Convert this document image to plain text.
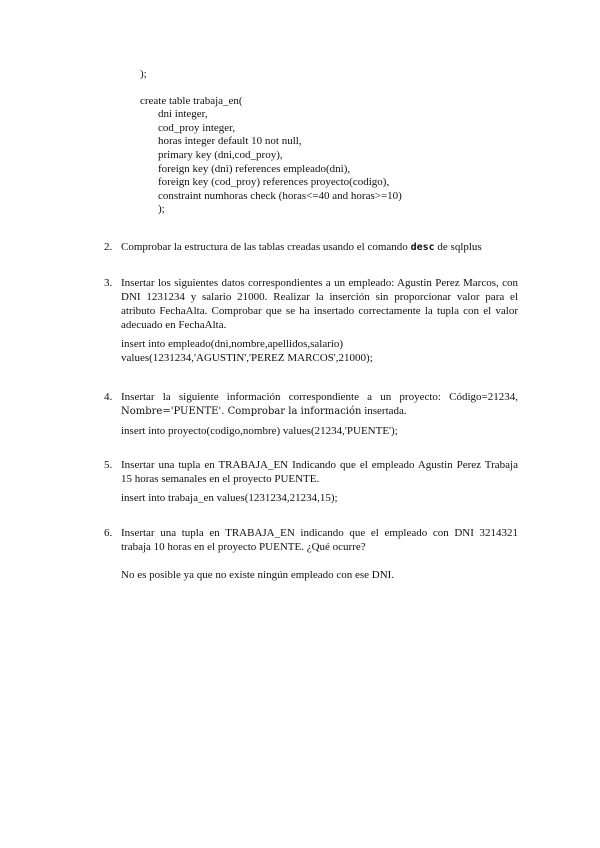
);
create table trabaja_en(
dni integer,
cod_proy integer,
horas integer default 10 not null,
primary key (dni,cod_proy),
foreign key (dni) references empleado(dni),
foreign key (cod_proy) references proyecto(codigo),
constraint numhoras check (horas<=40 and horas>=10)
);
2. Comprobar la estructura de las tablas creadas usando el comando desc de sqlplus
3. Insertar los siguientes datos correspondientes a un empleado: Agustin Perez Marcos, con DNI 1231234 y salario 21000. Realizar la inserción sin proporcionar valor para el atributo FechaAlta. Comprobar que se ha insertado correctamente la tupla con el valor adecuado en FechaAlta.

insert into empleado(dni,nombre,apellidos,salario)
values(1231234,'AGUSTIN','PEREZ MARCOS',21000);
4. Insertar la siguiente información correspondiente a un proyecto: Código=21234, Nombre='PUENTE'. Comprobar la información insertada.

insert into proyecto(codigo,nombre) values(21234,'PUENTE');
5. Insertar una tupla en TRABAJA_EN Indicando que el empleado Agustin Perez Trabaja 15 horas semanales en el proyecto PUENTE.

insert into trabaja_en values(1231234,21234,15);
6. Insertar una tupla en TRABAJA_EN indicando que el empleado con DNI 3214321 trabaja 10 horas en el proyecto PUENTE. ¿Qué ocurre?

No es posible ya que no existe ningún empleado con ese DNI.
